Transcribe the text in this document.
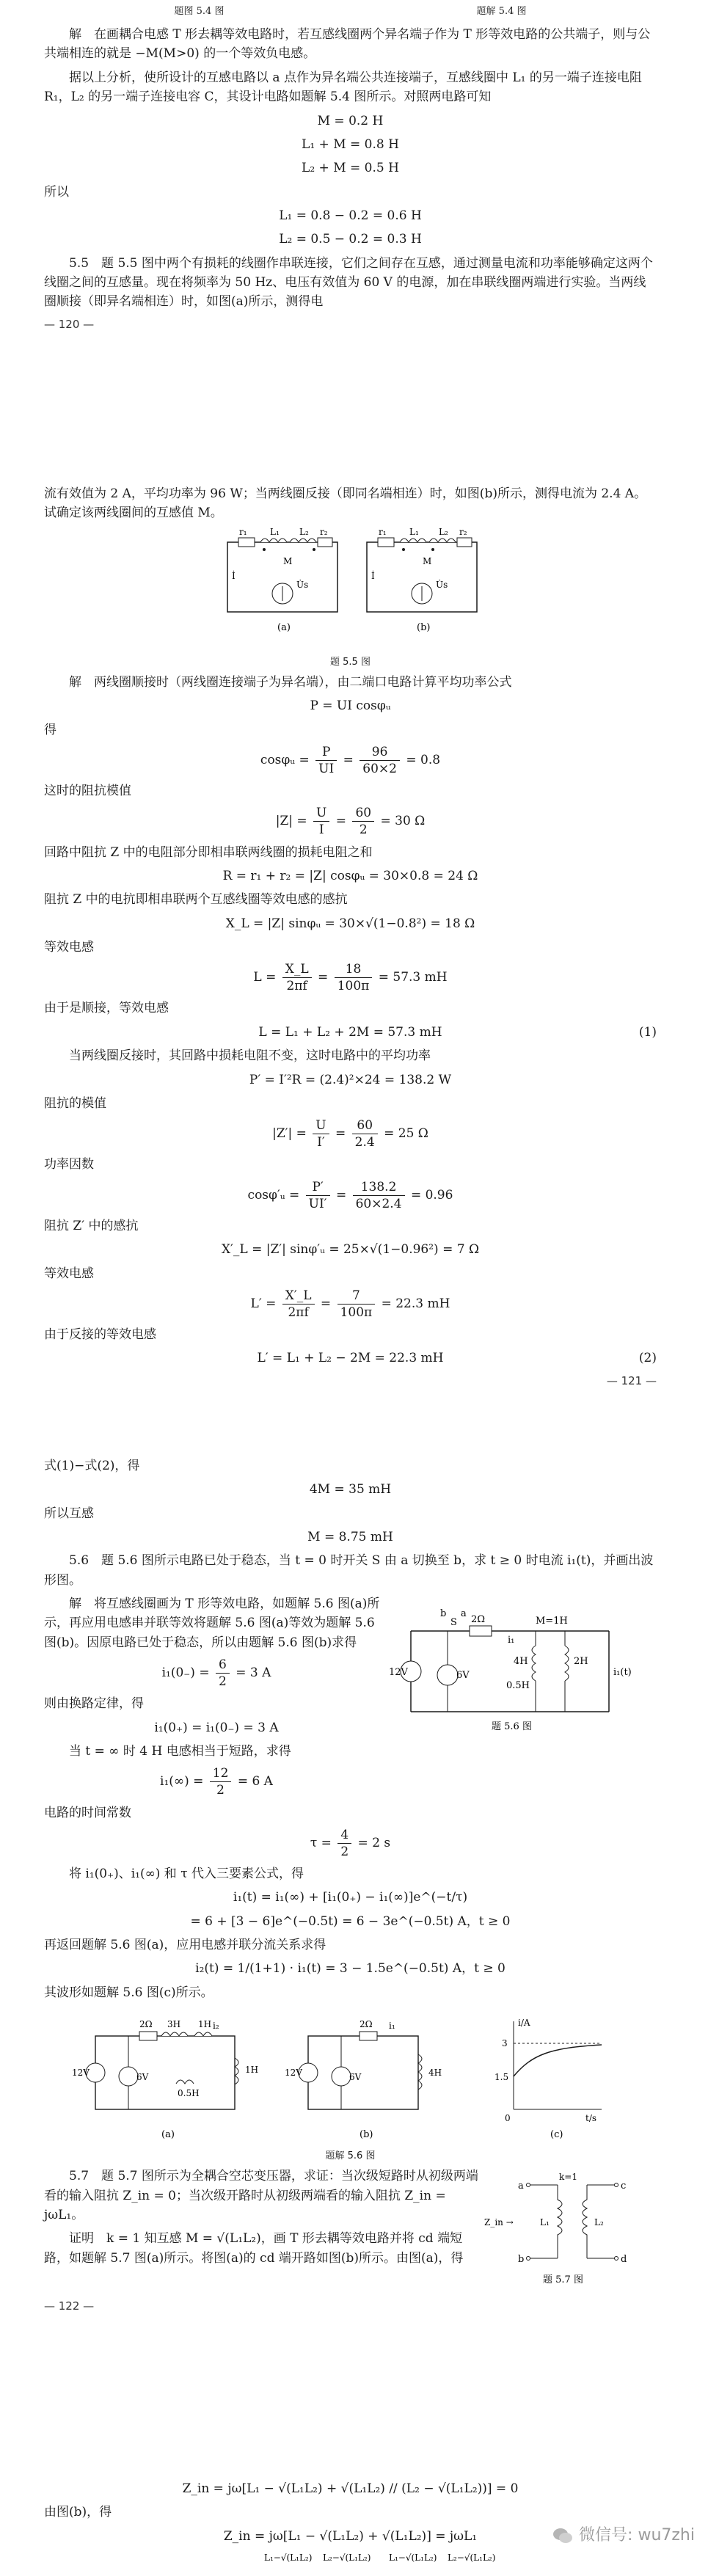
题图 5.4 图	题解 5.4 图

解　在画耦合电感 T 形去耦等效电路时，若互感线圈两个异名端子作为 T 形等效电路的公共端子，则与公共端相连的就是 −M(M>0) 的一个等效负电感。

据以上分析，使所设计的互感电路以 a 点作为异名端公共连接端子，互感线圈中 L₁ 的另一端子连接电阻 R₁，L₂ 的另一端子连接电容 C，其设计电路如题解 5.4 图所示。对照两电路可知

M = 0.2 H
L₁ + M = 0.8 H
L₂ + M = 0.5 H

所以

L₁ = 0.8 − 0.2 = 0.6 H
L₂ = 0.5 − 0.2 = 0.3 H

5.5　题 5.5 图中两个有损耗的线圈作串联连接，它们之间存在互感，通过测量电流和功率能够确定这两个线圈之间的互感量。现在将频率为 50 Hz、电压有效值为 60 V 的电源，加在串联线圈两端进行实验。当两线圈顺接（即异名端相连）时，如图(a)所示，测得电

— 120 —

流有效值为 2 A，平均功率为 96 W；当两线圈反接（即同名端相连）时，如图(b)所示，测得电流为 2.4 A。试确定该两线圈间的互感值 M。

r₁	L₁ L₂ r₂
M
İ
U̇s
(a)
r₁	L₁ L₂ r₂
M
İ
U̇s
(b)
题 5.5 图

解　两线圈顺接时（两线圈连接端子为异名端），由二端口电路计算平均功率公式

P = UI cosφᵤ

得

cosφᵤ = $\frac{P}{UI} = \frac{96}{60\times 2} = 0.8$

这时的阻抗模值

$|Z| = \frac{U}{I} = \frac{60}{2} = 30$ Ω

回路中阻抗 Z 中的电阻部分即相串联两线圈的损耗电阻之和

R = r₁ + r₂ = |Z| cosφᵤ = 30×0.8 = 24 Ω

阻抗 Z 中的电抗即相串联两个互感线圈等效电感的感抗

X_L = |Z| sinφᵤ = 30×√(1−0.8²) = 18 Ω

等效电感

$L = \frac{X\_L}{2\pi f} = \frac{18}{100\pi} = 57.3$ mH

由于是顺接，等效电感

L = L₁ + L₂ + 2M = 57.3 mH	(1)

当两线圈反接时，其回路中损耗电阻不变，这时电路中的平均功率

P′ = I′²R = (2.4)²×24 = 138.2 W

阻抗的模值

$|Z'| = \frac{U}{I'} = \frac{60}{2.4} = 25$ Ω

功率因数

cosφ′ᵤ = $\frac{P'}{UI'} = \frac{138.2}{60\times 2.4} = 0.96$

阻抗 Z′ 中的感抗

X′_L = |Z′| sinφ′ᵤ = 25×√(1−0.96²) = 7 Ω

等效电感

$L' = \frac{X'\_L}{2\pi f} = \frac{7}{100\pi} = 22.3$ mH

由于反接的等效电感

L′ = L₁ + L₂ − 2M = 22.3 mH	(2)
— 121 —

式(1)−式(2)，得

4M = 35 mH

所以互感

M = 8.75 mH

5.6　题 5.6 图所示电路已处于稳态，当 t = 0 时开关 S 由 a 切换至 b，求 t ≥ 0 时电流 i₁(t)，并画出波形图。

解　将互感线圈画为 T 形等效电路，如题解 5.6 图(a)所示，再应用电感串并联等效将题解 5.6 图(a)等效为题解 5.6 图(b)。因原电路已处于稳态，所以由题解 5.6 图(b)求得

$i_1(0_-) = \frac{6}{2} = 3$ A

则由换路定律，得

i₁(0₊) = i₁(0₋) = 3 A

当 t = ∞ 时 4 H 电感相当于短路，求得

$i_1(\infty) = \frac{12}{2} = 6$ A
b a
S 2Ω	M=1H
12V	6V
4H
0.5H
2H
i₁
i₁(t)
题 5.6 图

电路的时间常数

$\tau = \frac{4}{2} = 2$ s

将 i₁(0₊)、i₁(∞) 和 τ 代入三要素公式，得

i₁(t) = i₁(∞) + [i₁(0₊) − i₁(∞)]e^(−t/τ)
= 6 + [3 − 6]e^(−0.5t) = 6 − 3e^(−0.5t) A，t ≥ 0

再返回题解 5.6 图(a)，应用电感并联分流关系求得

i₂(t) = 1/(1+1) · i₁(t) = 3 − 1.5e^(−0.5t) A，t ≥ 0

其波形如题解 5.6 图(c)所示。

2Ω 3H 1H
1H
0.5H
12V	6V
i₂
(a)
2Ω
4H
12V	6V
i₁
(b)
i/A
3
1.5
0	t/s
(c)
题解 5.6 图

5.7　题 5.7 图所示为全耦合空芯变压器，求证：当次级短路时从初级两端看的输入阻抗 Z_in = 0；当次级开路时从初级两端看的输入阻抗 Z_in = jωL₁。

证明　k = 1 知互感 M = √(L₁L₂)，画 T 形去耦等效电路并将 cd 端短路，如题解 5.7 图(a)所示。将图(a)的 cd 端开路如图(b)所示。由图(a)，得

a
b
c
d
k=1
Z_in →	L₁	L₂
题 5.7 图
— 122 —
Z_in = jω[L₁ − √(L₁L₂) + √(L₁L₂) // (L₂ − √(L₁L₂))] = 0

由图(b)，得

Z_in = jω[L₁ − √(L₁L₂) + √(L₁L₂)] = jωL₁
L₁−√(L₁L₂) L₂−√(L₁L₂) L₁−√(L₁L₂) L₂−√(L₁L₂)
微信号: wu7zhi
